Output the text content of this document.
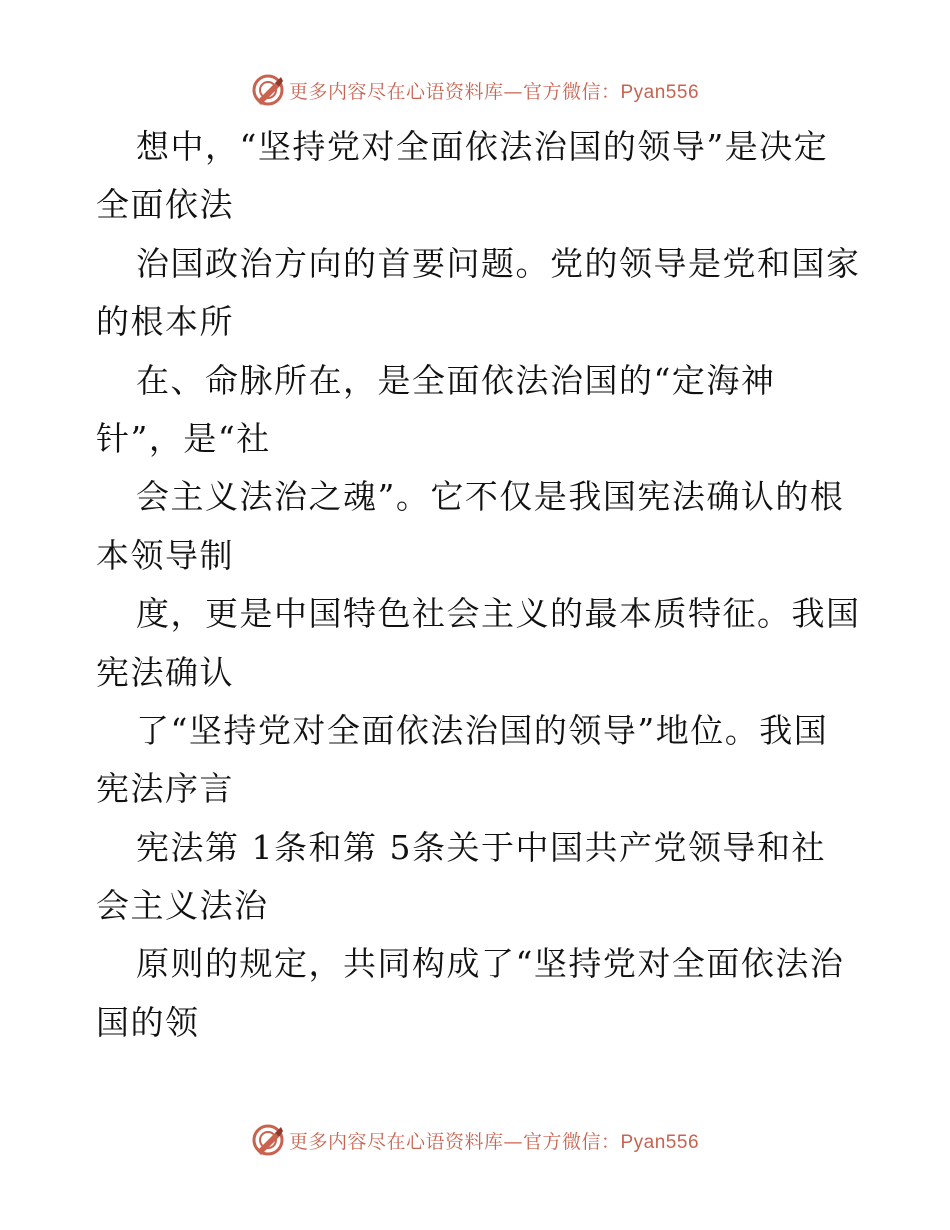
更多内容尽在心语资料库—官方微信：Pyan556
想中，“坚持党对全面依法治国的领导”是决定
全面依法
治国政治方向的首要问题。党的领导是党和国家
的根本所
在、命脉所在，是全面依法治国的“定海神
针”，是“社
会主义法治之魂”。它不仅是我国宪法确认的根
本领导制
度，更是中国特色社会主义的最本质特征。我国
宪法确认
了“坚持党对全面依法治国的领导”地位。我国
宪法序言
宪法第 1条和第 5条关于中国共产党领导和社
会主义法治
原则的规定，共同构成了“坚持党对全面依法治
国的领
更多内容尽在心语资料库—官方微信：Pyan556
